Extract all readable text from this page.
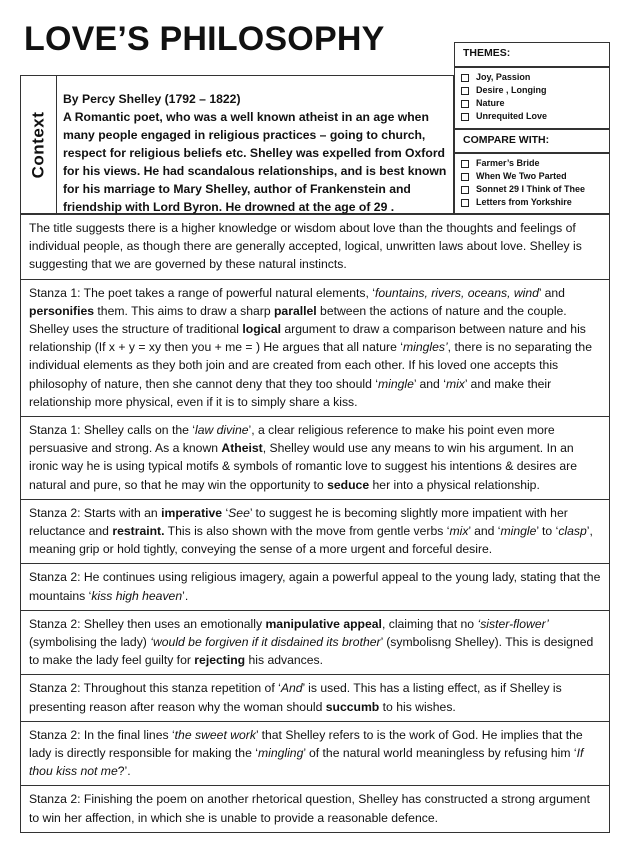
LOVE’S PHILOSOPHY	THEMES:
Joy, Passion
Desire , Longing
Nature
Unrequited Love
COMPARE WITH:
Farmer’s Bride
When We Two Parted
Sonnet 29 I Think of Thee
Letters from Yorkshire
Context
By Percy Shelley (1792 – 1822)
A Romantic poet, who was a well known atheist in an age when
many people engaged in religious practices – going to church,
respect for religious beliefs etc. Shelley was expelled from Oxford
for his views. He had scandalous relationships, and is best known
for his marriage to Mary Shelley, author of Frankenstein and
friendship with Lord Byron. He drowned at the age of 29 .
The title suggests there is a higher knowledge or wisdom about love than the thoughts and feelings of individual people, as though there are generally accepted, logical, unwritten laws about love. Shelley is suggesting that we are governed by these natural instincts.
Stanza 1: The poet takes a range of powerful natural elements, ‘fountains, rivers, oceans, wind’ and personifies them. This aims to draw a sharp parallel between the actions of nature and the couple. Shelley uses the structure of traditional logical argument to draw a comparison between nature and his relationship (If x + y = xy then you + me = ) He argues that all nature ‘mingles’, there is no separating the individual elements as they both join and are created from each other. If his loved one accepts this philosophy of nature, then she cannot deny that they too should ‘mingle’ and ‘mix’ and make their relationship more physical, even if it is to simply share a kiss.
Stanza 1: Shelley calls on the ‘law divine’, a clear religious reference to make his point even more persuasive and strong. As a known Atheist, Shelley would use any means to win his argument. In an ironic way he is using typical motifs & symbols of romantic love to suggest his intentions & desires are natural and pure, so that he may win the opportunity to seduce her into a physical relationship.
Stanza 2: Starts with an imperative ‘See’ to suggest he is becoming slightly more impatient with her reluctance and restraint. This is also shown with the move from gentle verbs ‘mix’ and ‘mingle’ to ‘clasp’, meaning grip or hold tightly, conveying the sense of a more urgent and forceful desire.
Stanza 2: He continues using religious imagery, again a powerful appeal to the young lady, stating that the mountains ‘kiss high heaven’.
Stanza 2: Shelley then uses an emotionally manipulative appeal, claiming that no ‘sister-flower’ (symbolising the lady) ‘would be forgiven if it disdained its brother’ (symbolisng Shelley). This is designed to make the lady feel guilty for rejecting his advances.
Stanza 2: Throughout this stanza repetition of ‘And’ is used. This has a listing effect, as if Shelley is presenting reason after reason why the woman should succumb to his wishes.
Stanza 2: In the final lines ‘the sweet work’ that Shelley refers to is the work of God. He implies that the lady is directly responsible for making the ‘mingling’ of the natural world meaningless by refusing him ‘If thou kiss not me?’.
Stanza 2: Finishing the poem on another rhetorical question, Shelley has constructed a strong argument to win her affection, in which she is unable to provide a reasonable defence.
